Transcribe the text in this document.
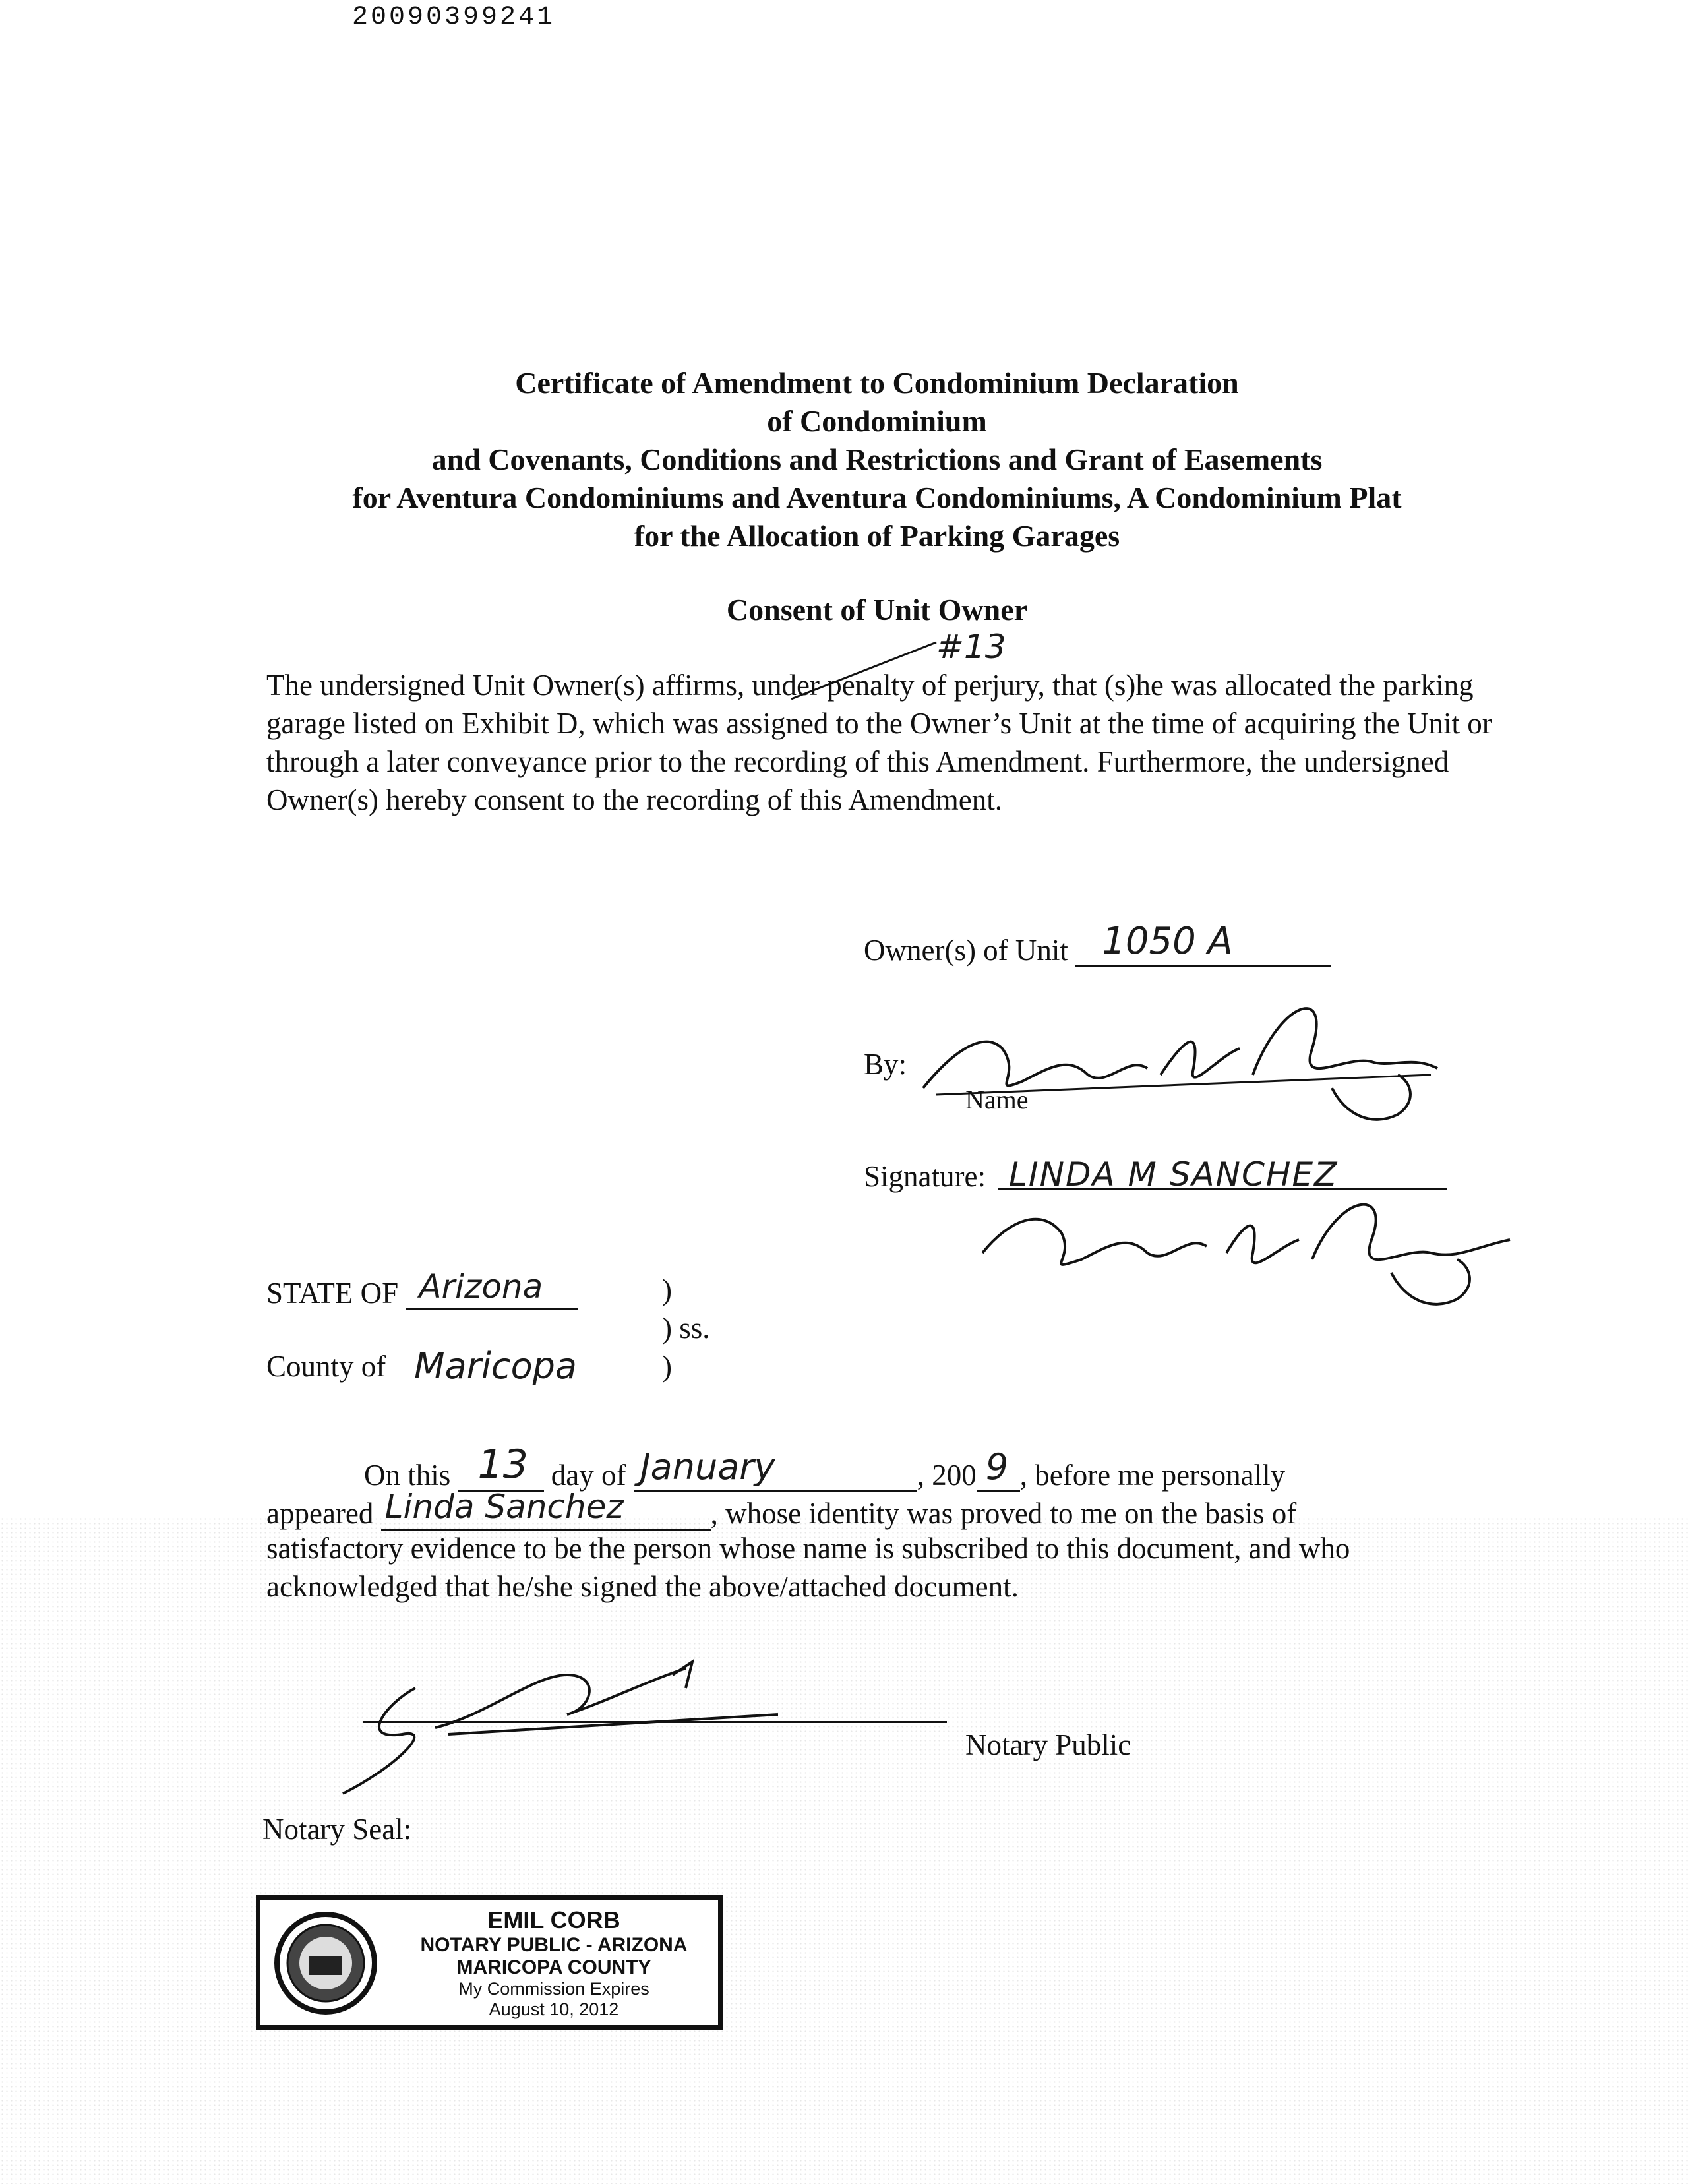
20090399241
Certificate of Amendment to Condominium Declaration
of Condominium
and Covenants, Conditions and Restrictions and Grant of Easements
for Aventura Condominiums and Aventura Condominiums, A Condominium Plat
for the Allocation of Parking Garages
Consent of Unit Owner
#13
The undersigned Unit Owner(s) affirms, under penalty of perjury, that (s)he was allocated the parking garage listed on Exhibit D, which was assigned to the Owner’s Unit at the time of acquiring the Unit or through a later conveyance prior to the recording of this Amendment. Furthermore, the undersigned Owner(s) hereby consent to the recording of this Amendment.
Owner(s) of Unit 1050 A
By:
Name
Signature: LINDA M SANCHEZ
STATE OF Arizona	)
) ss.
County of Maricopa	)
On this 13 day of January	, 200 9 , before me personally
appeared Linda Sanchez	, whose identity was proved to me on the basis of
satisfactory evidence to be the person whose name is subscribed to this document, and who
acknowledged that he/she signed the above/attached document.
Notary Public
Notary Seal:
EMIL CORB
NOTARY PUBLIC - ARIZONA
MARICOPA COUNTY
My Commission Expires
August 10, 2012
